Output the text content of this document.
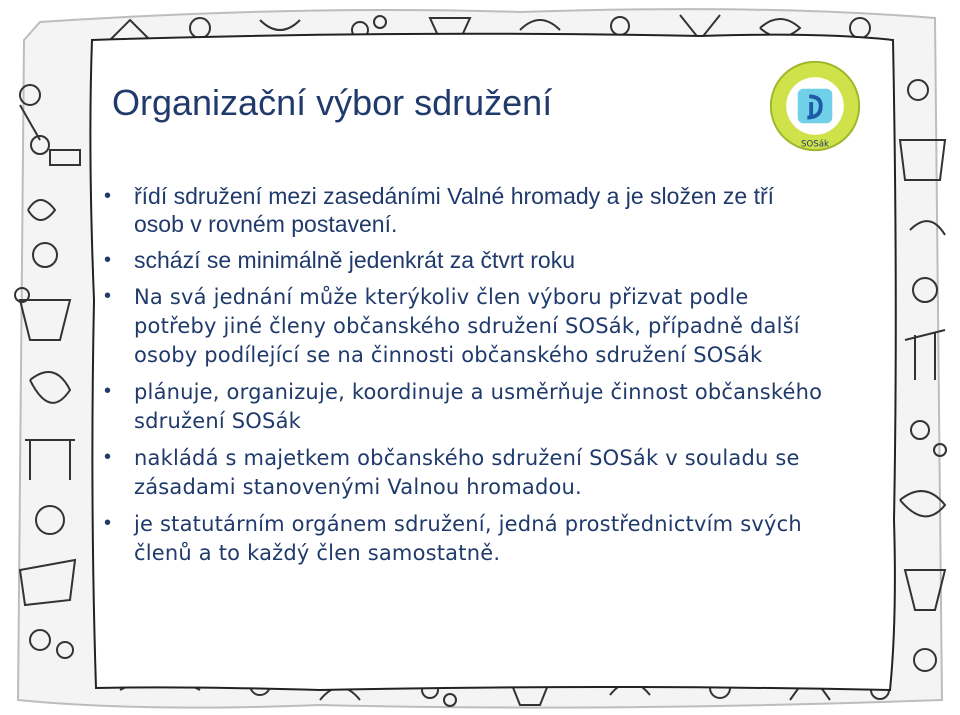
Organizační výbor sdružení
SOSák
• řídí sdružení mezi zasedáními Valné hromady a je složen ze tří osob v rovném postavení.
• schází se minimálně jedenkrát za čtvrt roku
• Na svá jednání může kterýkoliv člen výboru přizvat podle potřeby jiné členy občanského sdružení SOSák, případně další osoby podílející se na činnosti občanského sdružení SOSák
• plánuje, organizuje, koordinuje a usměrňuje činnost občanského sdružení SOSák
• nakládá s majetkem občanského sdružení SOSák v souladu se zásadami stanovenými Valnou hromadou.
• je statutárním orgánem sdružení, jedná prostřednictvím svých členů a to každý člen samostatně.
